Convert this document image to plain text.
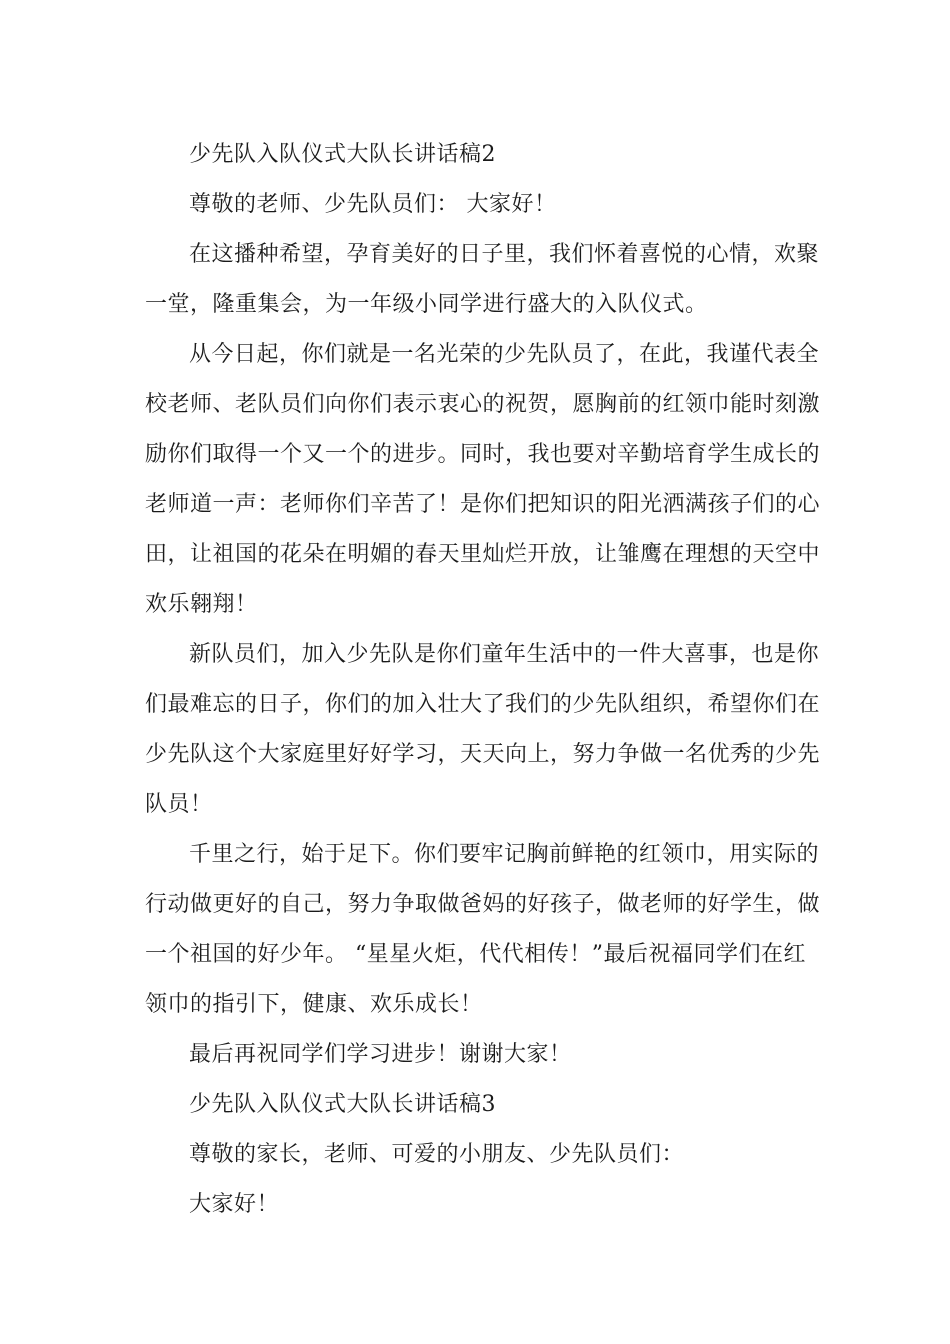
少先队入队仪式大队长讲话稿2

尊敬的老师、少先队员们： 大家好！

在这播种希望，孕育美好的日子里，我们怀着喜悦的心情，欢聚一堂，隆重集会，为一年级小同学进行盛大的入队仪式。

从今日起，你们就是一名光荣的少先队员了，在此，我谨代表全校老师、老队员们向你们表示衷心的祝贺，愿胸前的红领巾能时刻激励你们取得一个又一个的进步。同时，我也要对辛勤培育学生成长的老师道一声：老师你们辛苦了！是你们把知识的阳光洒满孩子们的心田，让祖国的花朵在明媚的春天里灿烂开放，让雏鹰在理想的天空中欢乐翱翔！

新队员们，加入少先队是你们童年生活中的一件大喜事，也是你们最难忘的日子，你们的加入壮大了我们的少先队组织，希望你们在少先队这个大家庭里好好学习，天天向上，努力争做一名优秀的少先队员！

千里之行，始于足下。你们要牢记胸前鲜艳的红领巾，用实际的行动做更好的自己，努力争取做爸妈的好孩子，做老师的好学生，做一个祖国的好少年。 “星星火炬，代代相传！”最后祝福同学们在红领巾的指引下，健康、欢乐成长！

最后再祝同学们学习进步！谢谢大家！

少先队入队仪式大队长讲话稿3

尊敬的家长，老师、可爱的小朋友、少先队员们：

大家好！
